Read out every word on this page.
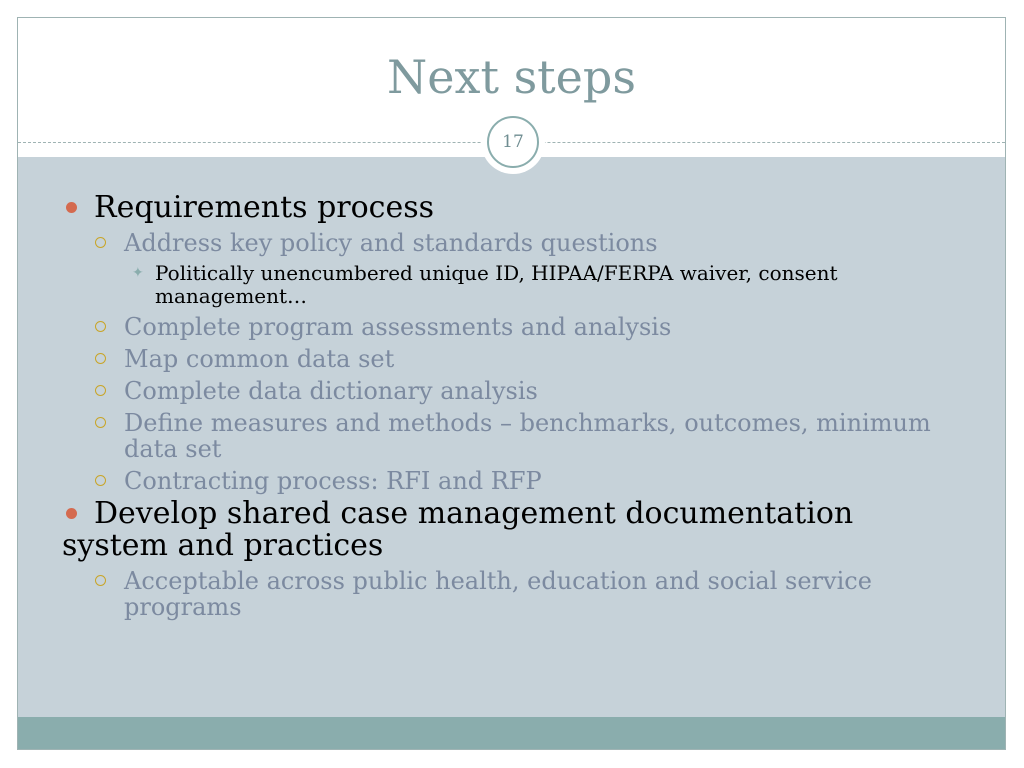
Next steps
17
Requirements process
Address key policy and standards questions
✦ Politically unencumbered unique ID, HIPAA/FERPA waiver, consent management…
Complete program assessments and analysis
Map common data set
Complete data dictionary analysis
Define measures and methods – benchmarks, outcomes, minimum data set
Contracting process: RFI and RFP
Develop shared case management documentation system and practices
Acceptable across public health, education and social service programs
